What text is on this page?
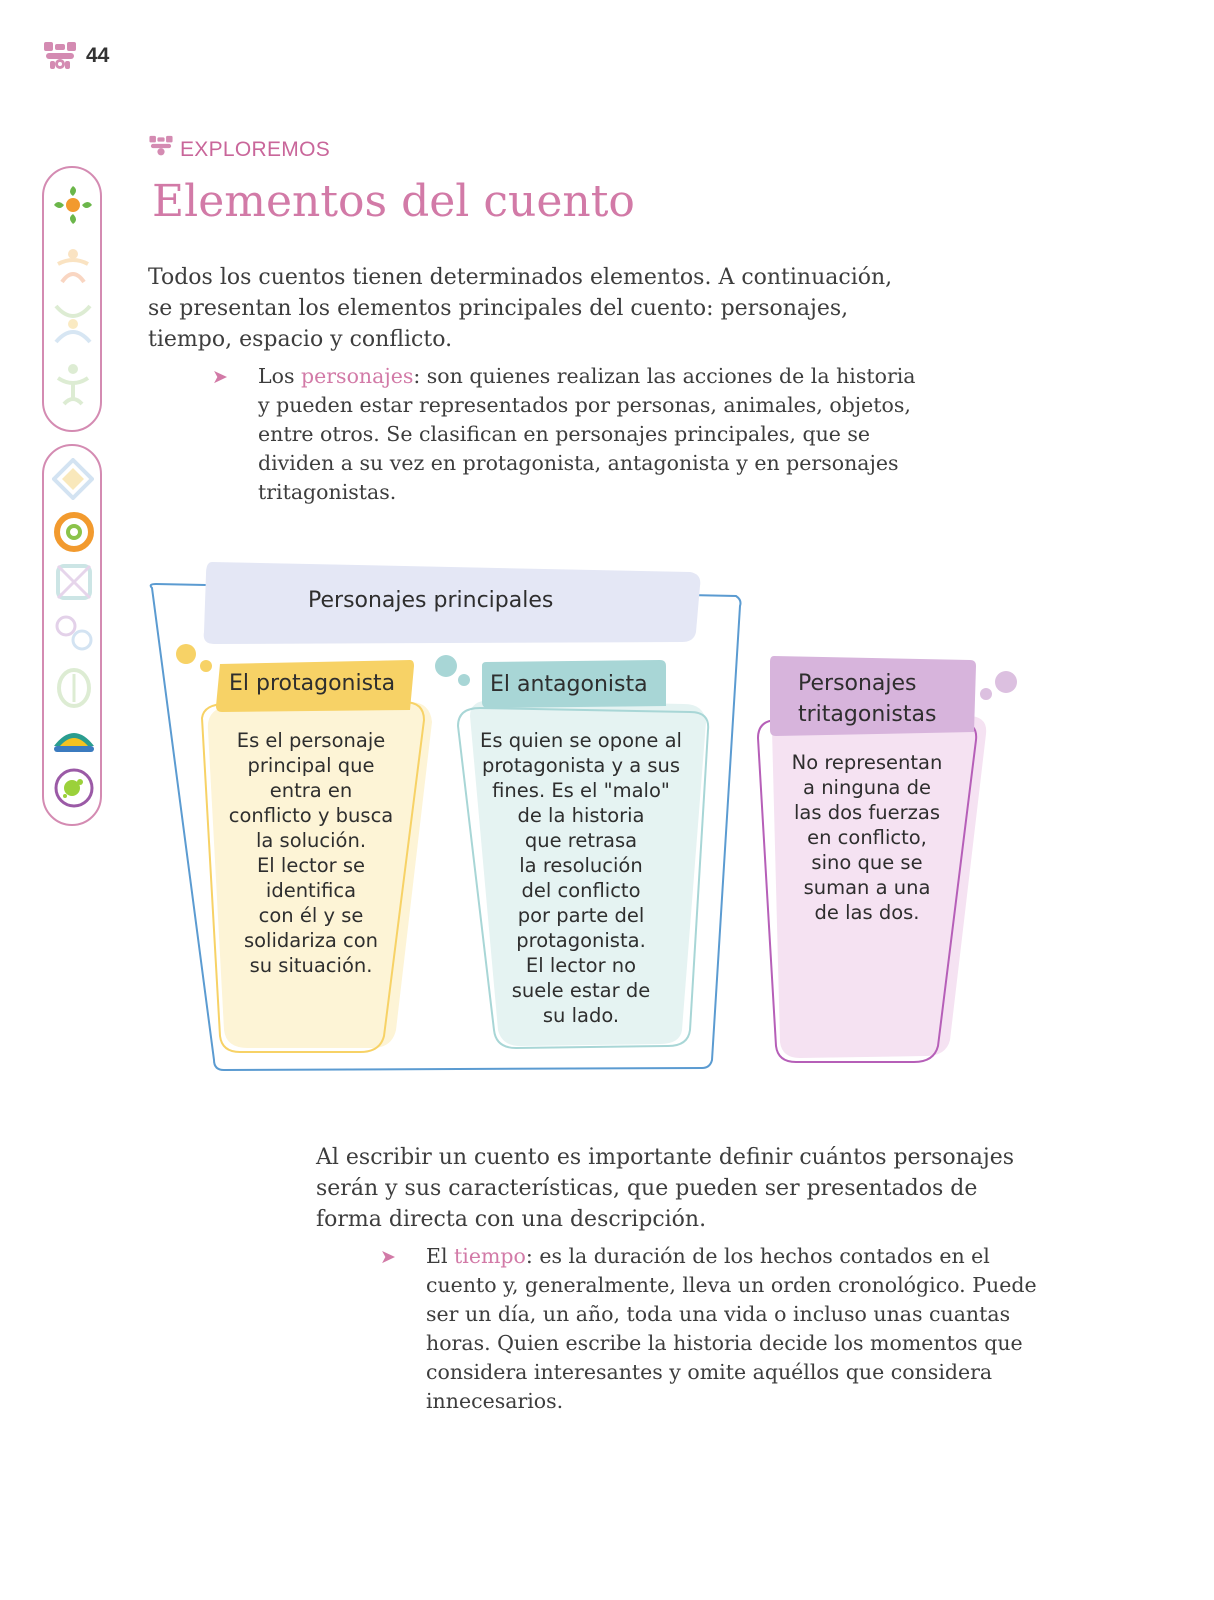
44
EXPLOREMOS
Elementos del cuento
Todos los cuentos tienen determinados elementos. A continuación,
se presentan los elementos principales del cuento: personajes,
tiempo, espacio y conflicto.
➤ Los personajes: son quienes realizan las acciones de la historia
y pueden estar representados por personas, animales, objetos,
entre otros. Se clasifican en personajes principales, que se
dividen a su vez en protagonista, antagonista y en personajes
tritagonistas.
Personajes principales
El protagonista
Es el personaje
principal que
entra en
conflicto y busca
la solución.
El lector se
identifica
con él y se
solidariza con
su situación.
El antagonista
Es quien se opone al
protagonista y a sus
fines. Es el "malo"
de la historia
que retrasa
la resolución
del conflicto
por parte del
protagonista.
El lector no
suele estar de
su lado.
Personajes
tritagonistas
No representan
a ninguna de
las dos fuerzas
en conflicto,
sino que se
suman a una
de las dos.
Al escribir un cuento es importante definir cuántos personajes
serán y sus características, que pueden ser presentados de
forma directa con una descripción.
➤ El tiempo: es la duración de los hechos contados en el
cuento y, generalmente, lleva un orden cronológico. Puede
ser un día, un año, toda una vida o incluso unas cuantas
horas. Quien escribe la historia decide los momentos que
considera interesantes y omite aquéllos que considera
innecesarios.
